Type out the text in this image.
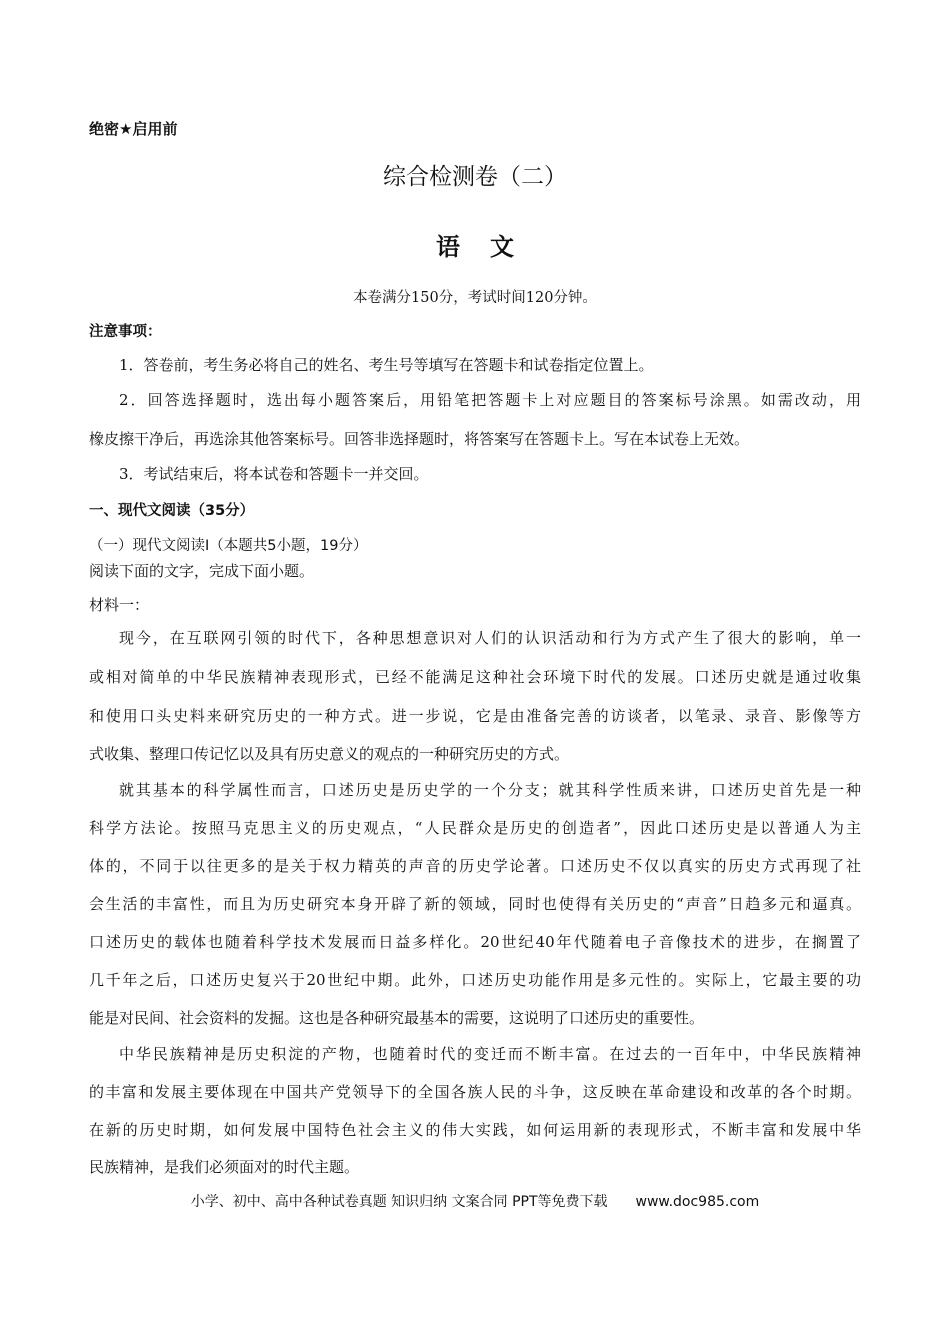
绝密★启用前
综合检测卷（二）
语文
本卷满分150分，考试时间120分钟。
注意事项：
1．答卷前，考生务必将自己的姓名、考生号等填写在答题卡和试卷指定位置上。
2．回答选择题时，选出每小题答案后，用铅笔把答题卡上对应题目的答案标号涂黑。如需改动，用
橡皮擦干净后，再选涂其他答案标号。回答非选择题时，将答案写在答题卡上。写在本试卷上无效。
3．考试结束后，将本试卷和答题卡一并交回。
一、现代文阅读（35分）
（一）现代文阅读Ⅰ（本题共5小题，19分）
阅读下面的文字，完成下面小题。
材料一：
现今，在互联网引领的时代下，各种思想意识对人们的认识活动和行为方式产生了很大的影响，单一
或相对简单的中华民族精神表现形式，已经不能满足这种社会环境下时代的发展。口述历史就是通过收集
和使用口头史料来研究历史的一种方式。进一步说，它是由准备完善的访谈者，以笔录、录音、影像等方
式收集、整理口传记忆以及具有历史意义的观点的一种研究历史的方式。
就其基本的科学属性而言，口述历史是历史学的一个分支；就其科学性质来讲，口述历史首先是一种
科学方法论。按照马克思主义的历史观点，“人民群众是历史的创造者”，因此口述历史是以普通人为主
体的，不同于以往更多的是关于权力精英的声音的历史学论著。口述历史不仅以真实的历史方式再现了社
会生活的丰富性，而且为历史研究本身开辟了新的领域，同时也使得有关历史的“声音”日趋多元和逼真。
口述历史的载体也随着科学技术发展而日益多样化。20世纪40年代随着电子音像技术的进步，在搁置了
几千年之后，口述历史复兴于20世纪中期。此外，口述历史功能作用是多元性的。实际上，它最主要的功
能是对民间、社会资料的发掘。这也是各种研究最基本的需要，这说明了口述历史的重要性。
中华民族精神是历史积淀的产物，也随着时代的变迁而不断丰富。在过去的一百年中，中华民族精神
的丰富和发展主要体现在中国共产党领导下的全国各族人民的斗争，这反映在革命建设和改革的各个时期。
在新的历史时期，如何发展中国特色社会主义的伟大实践，如何运用新的表现形式，不断丰富和发展中华
民族精神，是我们必须面对的时代主题。
小学、初中、高中各种试卷真题 知识归纳 文案合同 PPT等免费下载 www.doc985.com
